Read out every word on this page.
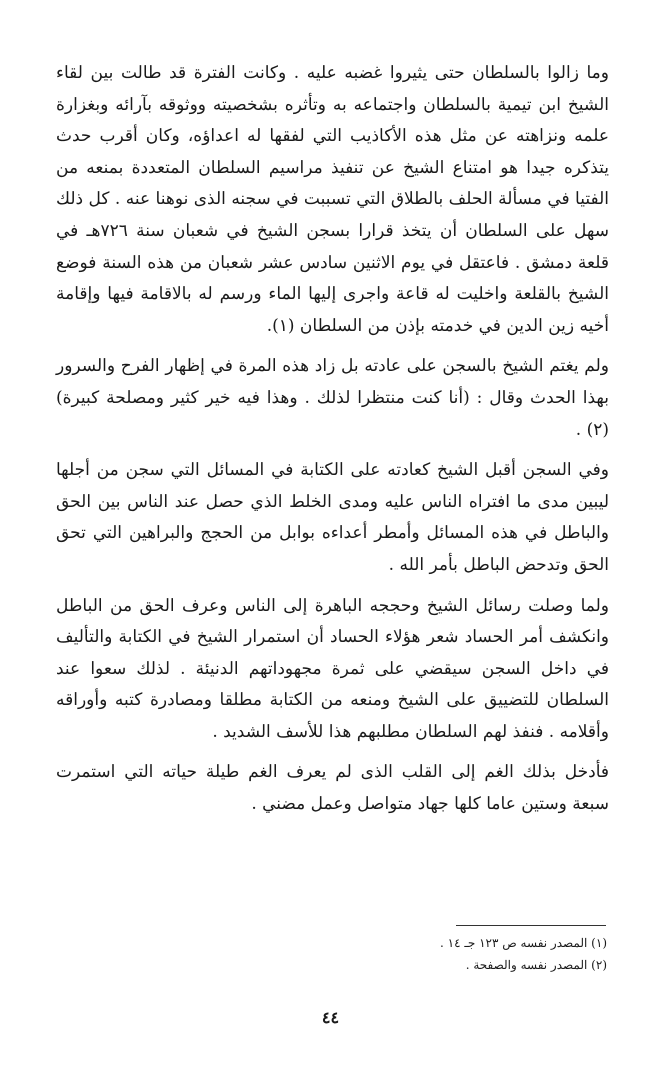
وما زالوا بالسلطان حتى يثيروا غضبه عليه . وكانت الفترة قد طالت بين لقاء الشيخ ابن تيمية بالسلطان واجتماعه به وتأثره بشخصيته ووثوقه بآرائه وبغزارة علمه ونزاهته عن مثل هذه الأكاذيب التي لفقها له اعداؤه، وكان أقرب حدث يتذكره جيدا هو امتناع الشيخ عن تنفيذ مراسيم السلطان المتعددة بمنعه من الفتيا في مسألة الحلف بالطلاق التي تسببت في سجنه الذى نوهنا عنه . كل ذلك سهل على السلطان أن يتخذ قرارا بسجن الشيخ في شعبان سنة ٧٢٦هـ في قلعة دمشق . فاعتقل في يوم الاثنين سادس عشر شعبان من هذه السنة فوضع الشيخ بالقلعة واخليت له قاعة واجرى إليها الماء ورسم له بالاقامة فيها وإقامة أخيه زين الدين في خدمته بإذن من السلطان (١).

ولم يغتم الشيخ بالسجن على عادته بل زاد هذه المرة في إظهار الفرح والسرور بهذا الحدث وقال : (أنا كنت منتظرا لذلك . وهذا فيه خير كثير ومصلحة كبيرة)(٢) .

وفي السجن أقبل الشيخ كعادته على الكتابة في المسائل التي سجن من أجلها ليبين مدى ما افتراه الناس عليه ومدى الخلط الذي حصل عند الناس بين الحق والباطل في هذه المسائل وأمطر أعداءه بوابل من الحجج والبراهين التي تحق الحق وتدحض الباطل بأمر الله .

ولما وصلت رسائل الشيخ وحججه الباهرة إلى الناس وعرف الحق من الباطل وانكشف أمر الحساد شعر هؤلاء الحساد أن استمرار الشيخ في الكتابة والتأليف في داخل السجن سيقضي على ثمرة مجهوداتهم الدنيئة . لذلك سعوا عند السلطان للتضييق على الشيخ ومنعه من الكتابة مطلقا ومصادرة كتبه وأوراقه وأقلامه . فنفذ لهم السلطان مطلبهم هذا للأسف الشديد .

فأدخل بذلك الغم إلى القلب الذى لم يعرف الغم طيلة حياته التي استمرت سبعة وستين عاما كلها جهاد متواصل وعمل مضني .

(١) المصدر نفسه ص ١٢٣ جـ ١٤ .

(٢) المصدر نفسه والصفحة .

٤٤
